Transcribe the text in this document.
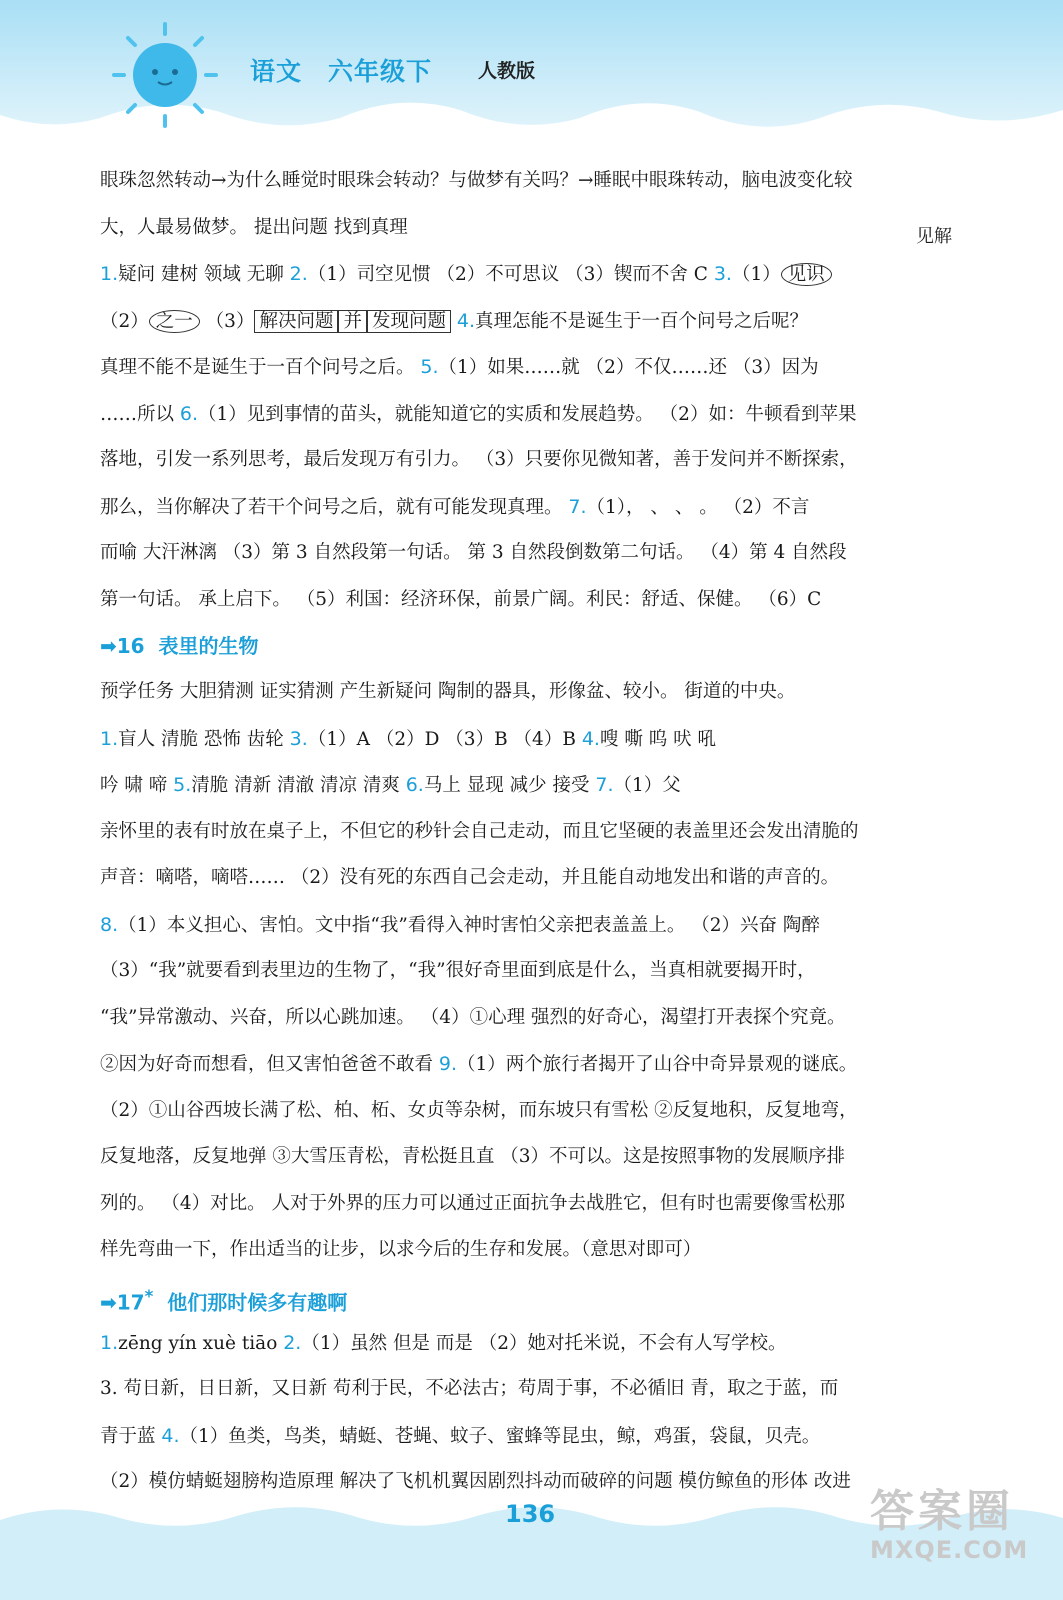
语文 六年级下	人教版
见解
眼珠忽然转动→为什么睡觉时眼珠会转动？与做梦有关吗？→睡眠中眼珠转动，脑电波变化较
大，人最易做梦。 提出问题 找到真理
1.疑问 建树 领域 无聊 2.（1）司空见惯 （2）不可思议 （3）锲而不舍 C 3.（1） 见识
（2） 之一 （3） 解决问题 并 发现问题 4.真理怎能不是诞生于一百个问号之后呢？
真理不能不是诞生于一百个问号之后。 5.（1）如果……就 （2）不仅……还 （3）因为
……所以 6.（1）见到事情的苗头，就能知道它的实质和发展趋势。 （2）如：牛顿看到苹果
落地，引发一系列思考，最后发现万有引力。 （3）只要你见微知著，善于发问并不断探索，
那么，当你解决了若干个问号之后，就有可能发现真理。 7.（1）， 、 、 。 （2）不言
而喻 大汗淋漓 （3）第 3 自然段第一句话。 第 3 自然段倒数第二句话。 （4）第 4 自然段
第一句话。 承上启下。 （5）利国：经济环保，前景广阔。利民：舒适、保健。 （6）C
➡16 表里的生物
预学任务 大胆猜测 证实猜测 产生新疑问 陶制的器具，形像盆、较小。 街道的中央。
1.盲人 清脆 恐怖 齿轮 3.（1）A （2）D （3）B （4）B 4.嗖 嘶 呜 吠 吼
吟 啸 啼 5.清脆 清新 清澈 清凉 清爽 6.马上 显现 减少 接受 7.（1）父
亲怀里的表有时放在桌子上，不但它的秒针会自己走动，而且它坚硬的表盖里还会发出清脆的
声音：嘀嗒，嘀嗒…… （2）没有死的东西自己会走动，并且能自动地发出和谐的声音的。
8.（1）本义担心、害怕。文中指“我”看得入神时害怕父亲把表盖盖上。 （2）兴奋 陶醉
（3）“我”就要看到表里边的生物了，“我”很好奇里面到底是什么，当真相就要揭开时，
“我”异常激动、兴奋，所以心跳加速。 （4）①心理 强烈的好奇心，渴望打开表探个究竟。
②因为好奇而想看，但又害怕爸爸不敢看 9.（1）两个旅行者揭开了山谷中奇异景观的谜底。
（2）①山谷西坡长满了松、柏、柘、女贞等杂树，而东坡只有雪松 ②反复地积，反复地弯，
反复地落，反复地弹 ③大雪压青松，青松挺且直 （3）不可以。这是按照事物的发展顺序排
列的。 （4）对比。 人对于外界的压力可以通过正面抗争去战胜它，但有时也需要像雪松那
样先弯曲一下，作出适当的让步，以求今后的生存和发展。（意思对即可）
➡17* 他们那时候多有趣啊
1.zēng yín xuè tiāo 2.（1）虽然 但是 而是 （2）她对托米说，不会有人写学校。
3. 苟日新，日日新，又日新 苟利于民，不必法古；苟周于事，不必循旧 青，取之于蓝，而
青于蓝 4.（1）鱼类，鸟类，蜻蜓、苍蝇、蚊子、蜜蜂等昆虫，鲸，鸡蛋，袋鼠，贝壳。
（2）模仿蜻蜓翅膀构造原理 解决了飞机机翼因剧烈抖动而破碎的问题 模仿鲸鱼的形体 改进
136	答案圈
MXQE.COM
